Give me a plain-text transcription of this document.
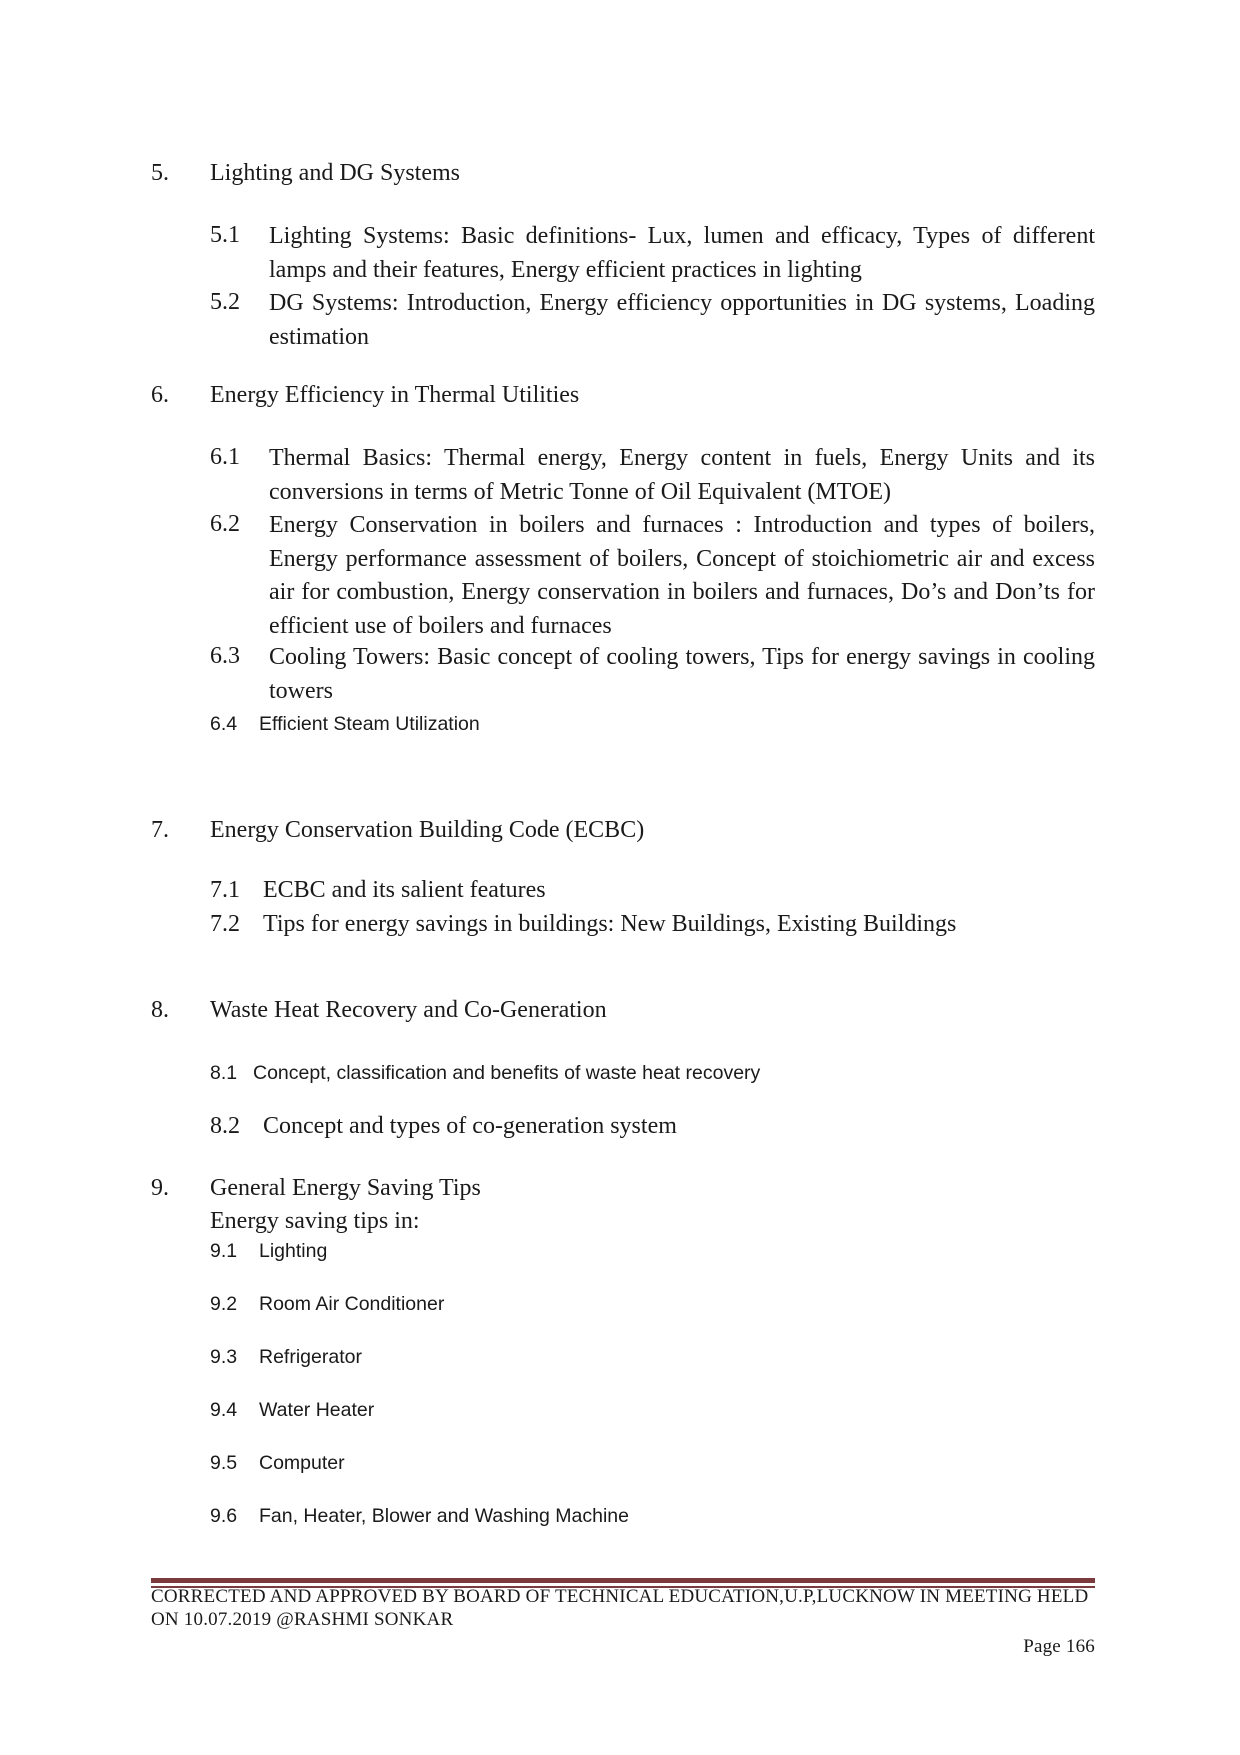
5. Lighting and DG Systems

5.1 Lighting Systems: Basic definitions- Lux, lumen and efficacy, Types of different lamps and their features, Energy efficient practices in lighting

5.2 DG Systems: Introduction, Energy efficiency opportunities in DG systems, Loading estimation

6. Energy Efficiency in Thermal Utilities

6.1 Thermal Basics: Thermal energy, Energy content in fuels, Energy Units and its conversions in terms of Metric Tonne of Oil Equivalent (MTOE)

6.2 Energy Conservation in boilers and furnaces : Introduction and types of boilers, Energy performance assessment of boilers, Concept of stoichiometric air and excess air for combustion, Energy conservation in boilers and furnaces, Do’s and Don’ts for efficient use of boilers and furnaces

6.3 Cooling Towers: Basic concept of cooling towers, Tips for energy savings in cooling towers

6.4 Efficient Steam Utilization

7. Energy Conservation Building Code (ECBC)

7.1 ECBC and its salient features

7.2 Tips for energy savings in buildings: New Buildings, Existing Buildings

8. Waste Heat Recovery and Co-Generation

8.1 Concept, classification and benefits of waste heat recovery

8.2 Concept and types of co-generation system

9. General Energy Saving Tips

Energy saving tips in:

9.1 Lighting

9.2 Room Air Conditioner

9.3 Refrigerator

9.4 Water Heater

9.5 Computer

9.6 Fan, Heater, Blower and Washing Machine

CORRECTED AND APPROVED BY BOARD OF TECHNICAL EDUCATION,U.P,LUCKNOW IN MEETING HELD

ON 10.07.2019 @RASHMI SONKAR

Page 166
